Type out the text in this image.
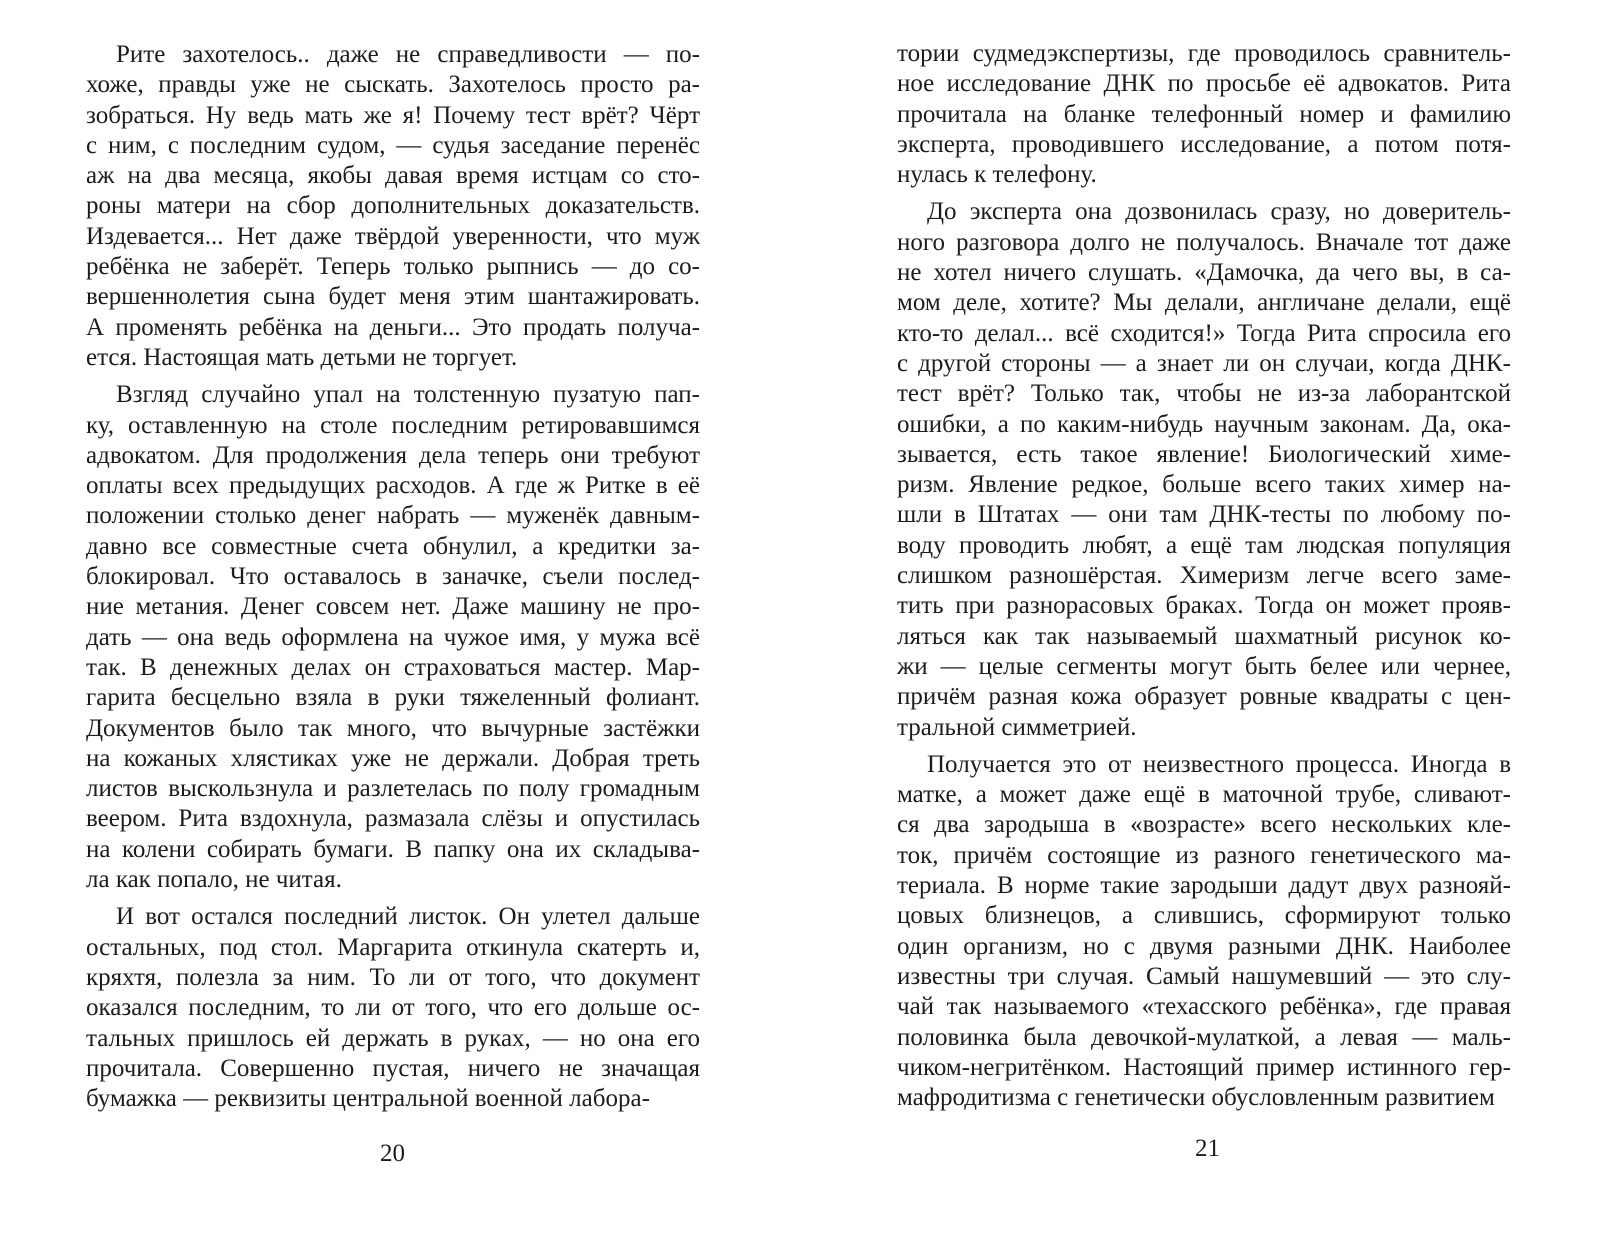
Рите захотелось.. даже не справедливости — по-
хоже, правды уже не сыскать. Захотелось просто ра-
зобраться. Ну ведь мать же я! Почему тест врёт? Чёрт
с ним, с последним судом, — судья заседание перенёс
аж на два месяца, якобы давая время истцам со сто-
роны матери на сбор дополнительных доказательств.
Издевается... Нет даже твёрдой уверенности, что муж
ребёнка не заберёт. Теперь только рыпнись — до со-
вершеннолетия сына будет меня этим шантажировать.
А променять ребёнка на деньги... Это продать получа-
ется. Настоящая мать детьми не торгует.
Взгляд случайно упал на толстенную пузатую пап-
ку, оставленную на столе последним ретировавшимся
адвокатом. Для продолжения дела теперь они требуют
оплаты всех предыдущих расходов. А где ж Ритке в её
положении столько денег набрать — муженёк давным-
давно все совместные счета обнулил, а кредитки за-
блокировал. Что оставалось в заначке, съели послед-
ние метания. Денег совсем нет. Даже машину не про-
дать — она ведь оформлена на чужое имя, у мужа всё
так. В денежных делах он страховаться мастер. Мар-
гарита бесцельно взяла в руки тяжеленный фолиант.
Документов было так много, что вычурные застёжки
на кожаных хлястиках уже не держали. Добрая треть
листов выскользнула и разлетелась по полу громадным
веером. Рита вздохнула, размазала слёзы и опустилась
на колени собирать бумаги. В папку она их складыва-
ла как попало, не читая.
И вот остался последний листок. Он улетел дальше
остальных, под стол. Маргарита откинула скатерть и,
кряхтя, полезла за ним. То ли от того, что документ
оказался последним, то ли от того, что его дольше ос-
тальных пришлось ей держать в руках, — но она его
прочитала. Совершенно пустая, ничего не значащая
бумажка — реквизиты центральной военной лабора-
20
тории судмедэкспертизы, где проводилось сравнитель-
ное исследование ДНК по просьбе её адвокатов. Рита
прочитала на бланке телефонный номер и фамилию
эксперта, проводившего исследование, а потом потя-
нулась к телефону.
До эксперта она дозвонилась сразу, но доверитель-
ного разговора долго не получалось. Вначале тот даже
не хотел ничего слушать. «Дамочка, да чего вы, в са-
мом деле, хотите? Мы делали, англичане делали, ещё
кто-то делал... всё сходится!» Тогда Рита спросила его
с другой стороны — а знает ли он случаи, когда ДНК-
тест врёт? Только так, чтобы не из-за лаборантской
ошибки, а по каким-нибудь научным законам. Да, ока-
зывается, есть такое явление! Биологический химе-
ризм. Явление редкое, больше всего таких химер на-
шли в Штатах — они там ДНК-тесты по любому по-
воду проводить любят, а ещё там людская популяция
слишком разношёрстая. Химеризм легче всего заме-
тить при разнорасовых браках. Тогда он может прояв-
ляться как так называемый шахматный рисунок ко-
жи — целые сегменты могут быть белее или чернее,
причём разная кожа образует ровные квадраты с цен-
тральной симметрией.
Получается это от неизвестного процесса. Иногда в
матке, а может даже ещё в маточной трубе, сливают-
ся два зародыша в «возрасте» всего нескольких кле-
ток, причём состоящие из разного генетического ма-
териала. В норме такие зародыши дадут двух разнояй-
цовых близнецов, а слившись, сформируют только
один организм, но с двумя разными ДНК. Наиболее
известны три случая. Самый нашумевший — это слу-
чай так называемого «техасского ребёнка», где правая
половинка была девочкой-мулаткой, а левая — маль-
чиком-негритёнком. Настоящий пример истинного гер-
мафродитизма с генетически обусловленным развитием
21
